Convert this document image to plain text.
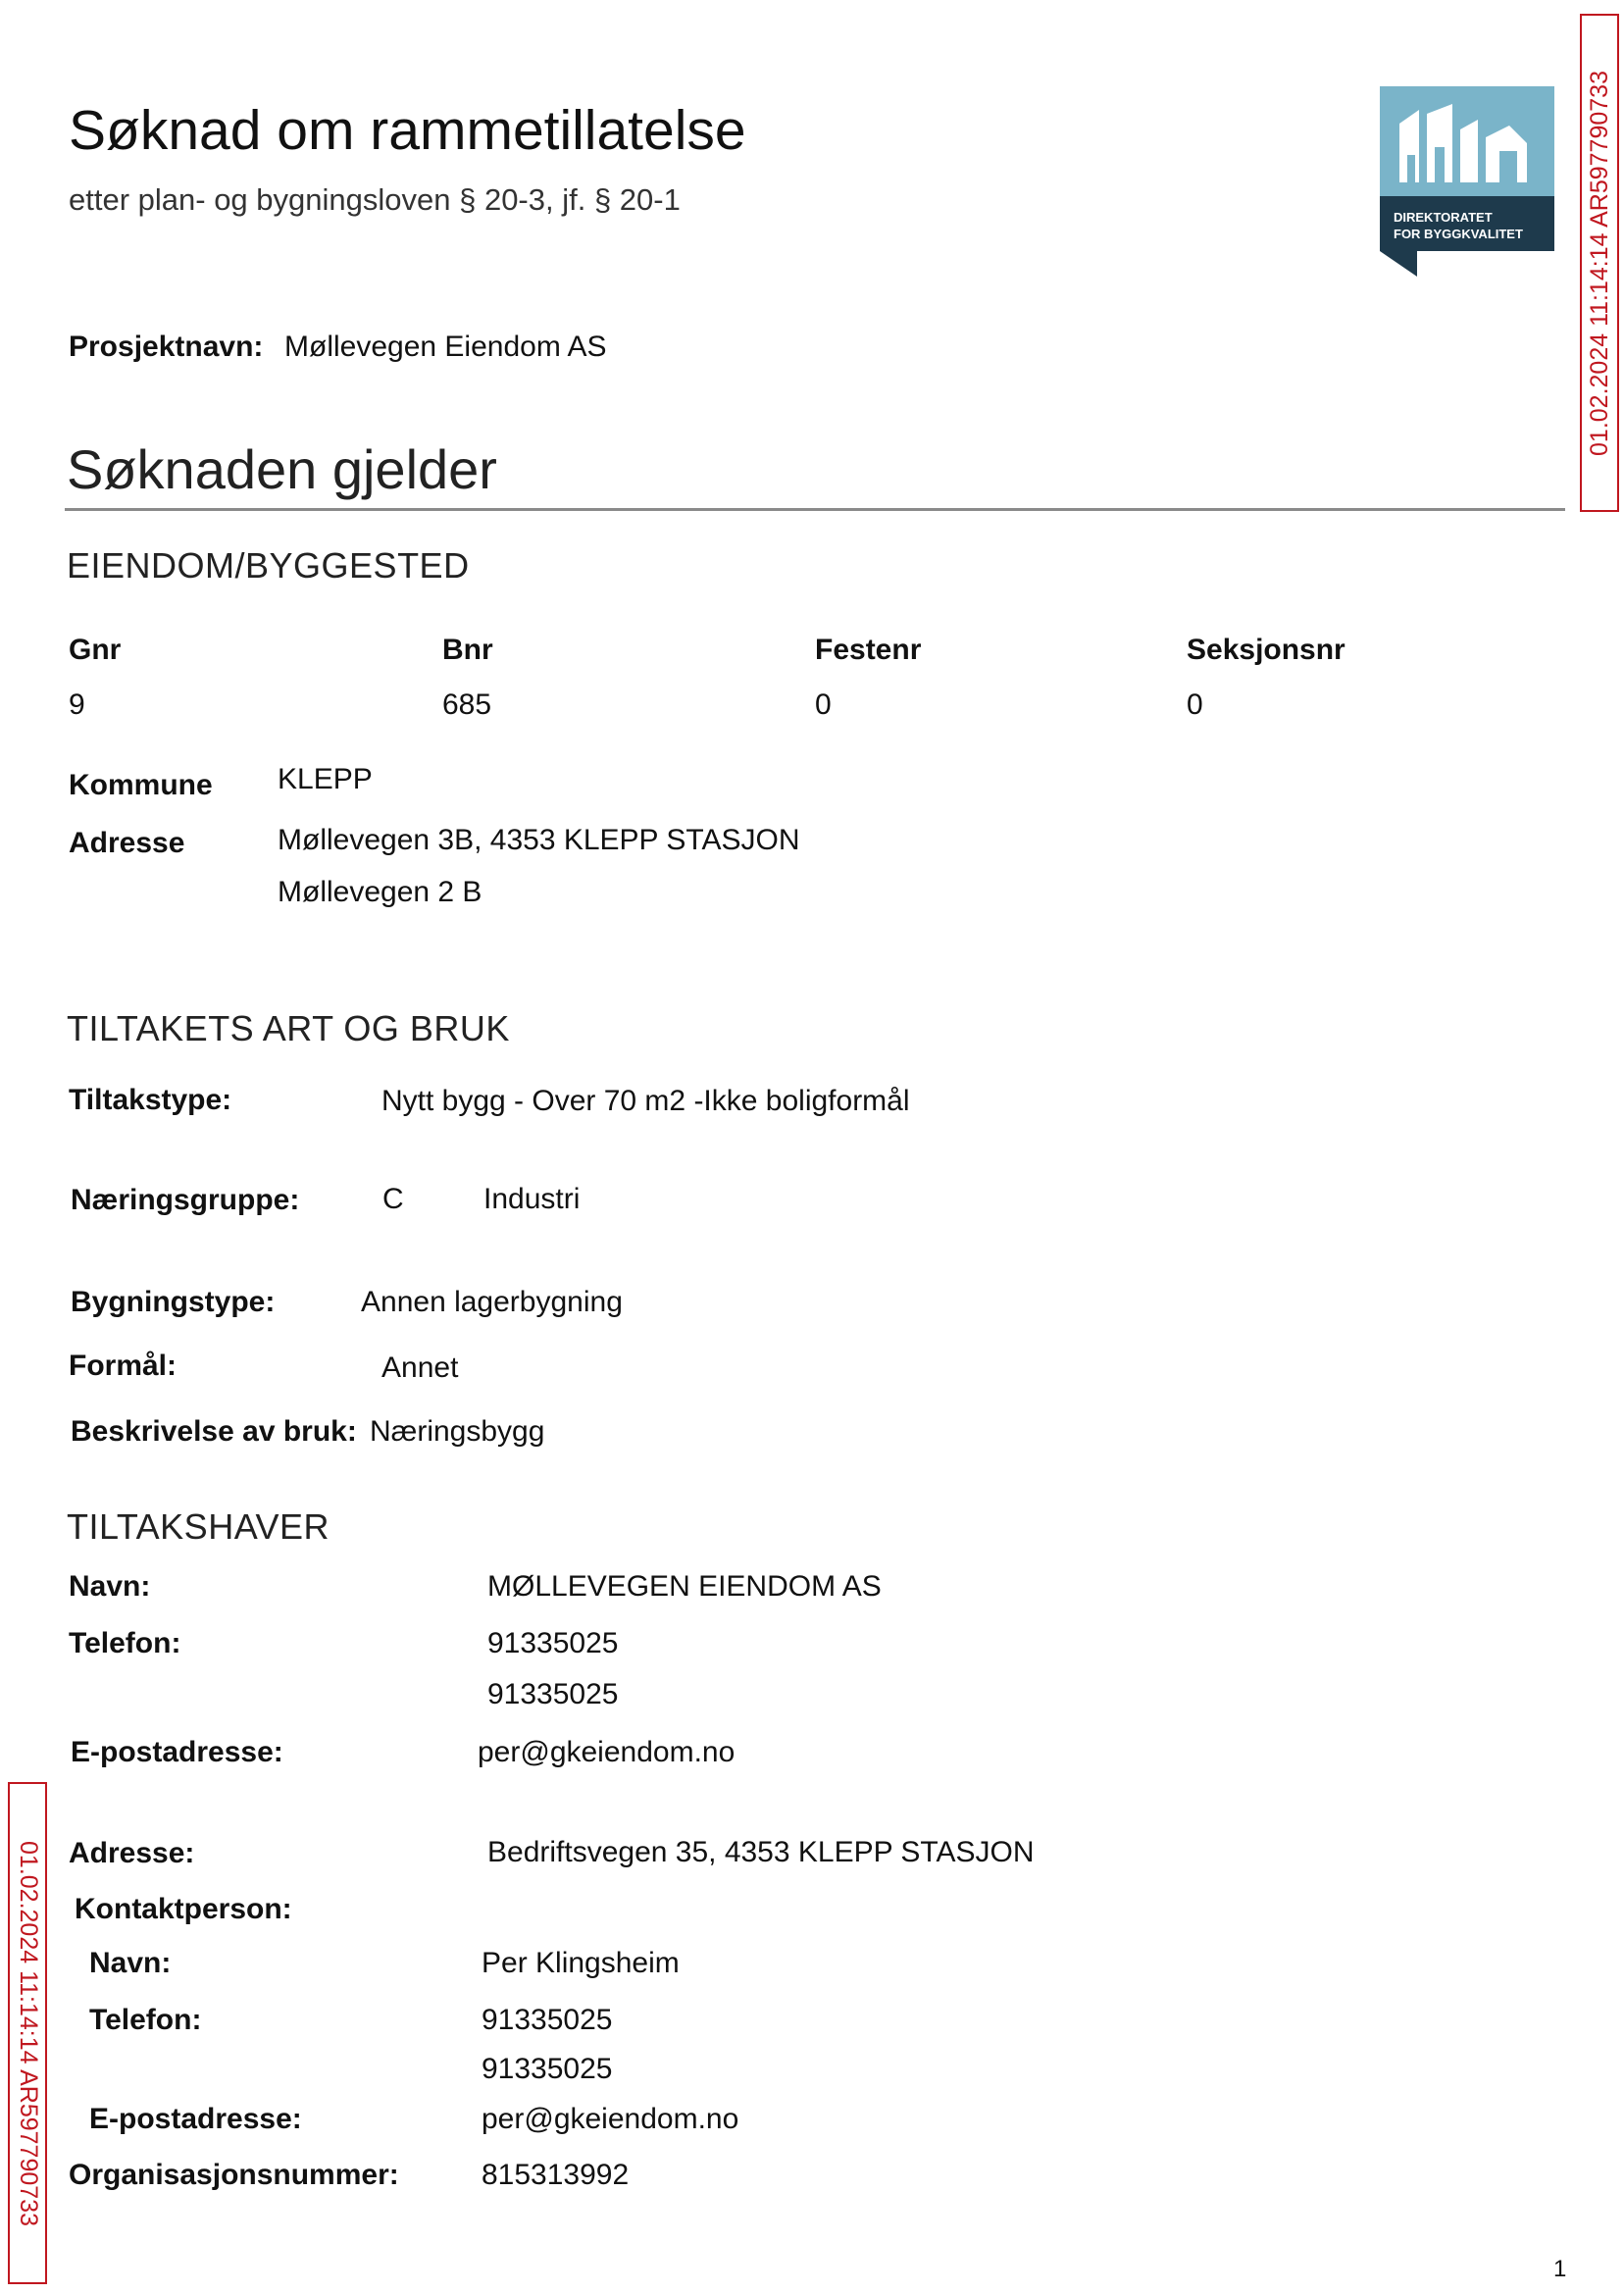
Søknad om rammetillatelse
etter plan- og bygningsloven § 20-3, jf. § 20-1
DIREKTORATET
FOR BYGGKVALITET	01.02.2024 11:14:14 AR597790733
01.02.2024 11:14:14 AR597790733
Prosjektnavn: Møllevegen Eiendom AS
Søknaden gjelder
EIENDOM/BYGGESTED
Gnr	Bnr	Festenr	Seksjonsnr
9	685	0	0
Kommune KLEPP
Adresse	Møllevegen 3B, 4353 KLEPP STASJON
Møllevegen 2 B
TILTAKETS ART OG BRUK
Tiltakstype:	Nytt bygg - Over 70 m2 -Ikke boligformål
Næringsgruppe:	C	Industri
Bygningstype:	Annen lagerbygning
Formål:	Annet
Beskrivelse av bruk: Næringsbygg
TILTAKSHAVER
Navn:	MØLLEVEGEN EIENDOM AS
Telefon:	91335025
91335025
E-postadresse:	per@gkeiendom.no
Adresse:	Bedriftsvegen 35, 4353 KLEPP STASJON
Kontaktperson:
Navn:	Per Klingsheim
Telefon:	91335025
91335025
E-postadresse:	per@gkeiendom.no
Organisasjonsnummer:	815313992
1
